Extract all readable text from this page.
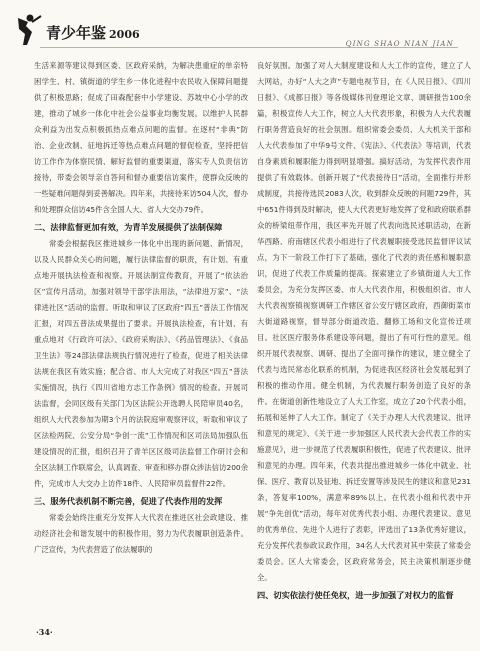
青少年鉴 2006
QING SHAO NIAN JIAN

生活来源等建议得到区委、区政府采纳，为解决患重症的单亲特困学生、村、镇街道的学生乡一体化进程中农民收入保障问题提供了积极思路；促成了田森配套中小学建设、苏坡中心小学的改建，推动了城乡一体化中社会公益事业均衡发展。以维护人民群众利益为出发点积极抓热点难点问题的监督。在逐村“非典”防治、企业改制、征地拆迁等热点难点问题的督促检查，坚持把信访工作作为体察民情、解好监督的重要渠道，落实专人负责信访接待，带委会领导亲自答问和督办重要信访案件，使群众反映的一些疑难问题得到妥善解决。四年来，共接待来访504人次，督办和处理群众信访45件含全国人大、省人大交办79件。

二、法律监督更加有效，为青羊发展提供了法制保障

常委会根据我区推进城乡一体化中出现的新问题、新情况，以及人民群众关心的问题，履行法律监督的职责，有计划、有重点地开展执法检查和视察。开展法制宣传教育，开展了“依法治区”宣传月活动，加强对领导干部学法用法，“法律进万家”、“法律进社区”活动的监督。听取和审议了区政府“四五”普法工作情况汇报，对四五普法成果提出了要求。开展执法检查，有计划、有重点地对《行政许可法》、《政府采购法》、《药品管理法》、《食品卫生法》等24部法律法规执行情况进行了检查，促进了相关法律法规在我区有效实施；配合省、市人大完成了对我区“四五”普法实施情况，执行《四川省地方志工作条例》情况的检查。开展司法监督，会同区级有关部门为区法院公开选聘人民陪审员40名，组织人大代表参加为期3个月的法院庭审观察评议，听取和审议了区法检两院、公安分局“争创一流”工作情况和区司法局加强队伍建设情况的汇报，组织召开了青羊区区级司法监督工作研讨会和全区法制工作联席会，认真调查、审查和移办群众涉法信访200余件，完成市人大交办上访件18件、人民陪审员监督件22件。

三、服务代表机制不断完善，促进了代表作用的发挥

常委会始终注重充分发挥人大代表在推进区社会政建设、推动经济社会和谐发展中的积极作用，努力为代表履职创造条件。广泛宣传，为代表营造了依法履职的

良好氛围。加强了对人大制度建设和人大工作的宣传，建立了人大网站，办好“人大之声”专题电视节目，在《人民日报》、《四川日报》、《成都日报》等各级媒体刊登理论文章、调研报告100余篇，积极宣传人大工作，树立人大代表形象，积极为人大代表履行职务营造良好的社会氛围。组织常委会委员、人大机关干部和人大代表参加了中华9号文件、《宪法》、《代表法》等培训，代表自身素质和履职能力得到明显增强。搞好活动，为发挥代表作用提供了有效载体。创新开展了“代表接待日”活动，全面推行并形成制度，共接待选民2083人次，收到群众反映的问题729件，其中651件得到及时解决，使人大代表更好地发挥了党和政府联系群众的桥梁纽带作用，我区率先开展了代表向选民述职活动，在新华西路、府南辖区代表小组进行了代表履职接受选民监督评议试点，为下一阶段工作打下了基础，强化了代表的责任感和履职意识，促进了代表工作质量的提高。探索建立了乡镇街道人大工作委员会，为充分发挥区委、市人大代表作用，积极组织省、市人大代表视察镇视察调研工作辖区省公安厅辖区政府，西御街菜市大街道路视察，督导部分街道改造、翻修工场和文化宣传迁项目。社区医疗服务体系建设等问题，提出了有可行性的意见。组织开展代表视察、调研、提出了全面可操作的建议，建立健全了代表与选民常态化联系的机制，为促进我区经济社会发展起到了积极的推动作用。健全机制，为代表履行职务创造了良好的条件。在街道创新性地设立了人大工作室，成立了20个代表小组，拓展和延伸了人大工作。制定了《关于办理人大代表建议、批评和意见的规定》、《关于进一步加强区人民代表大会代表工作的实施意见》，进一步规范了代表履职积极性，促进了代表建议、批评和意见的办理。四年来，代表共提出推进城乡一体化中就业、社保、医疗、教育以及征地、拆迁安置等涉及民生的建议和意见231条，答复率100%，满意率89%以上。在代表小组和代表中开展“争先创优”活动，每年对优秀代表小组、办理代表建议、意见的优秀单位、先进个人进行了表彰，评选出了13条优秀好建议，充分发挥代表参政议政作用，34名人大代表对其中荣获了常委会委员会。区人大常委会，区政府常务会，民主决策机制逐步健全。

四、切实依法行使任免权，进一步加强了对权力的监督

·34·
